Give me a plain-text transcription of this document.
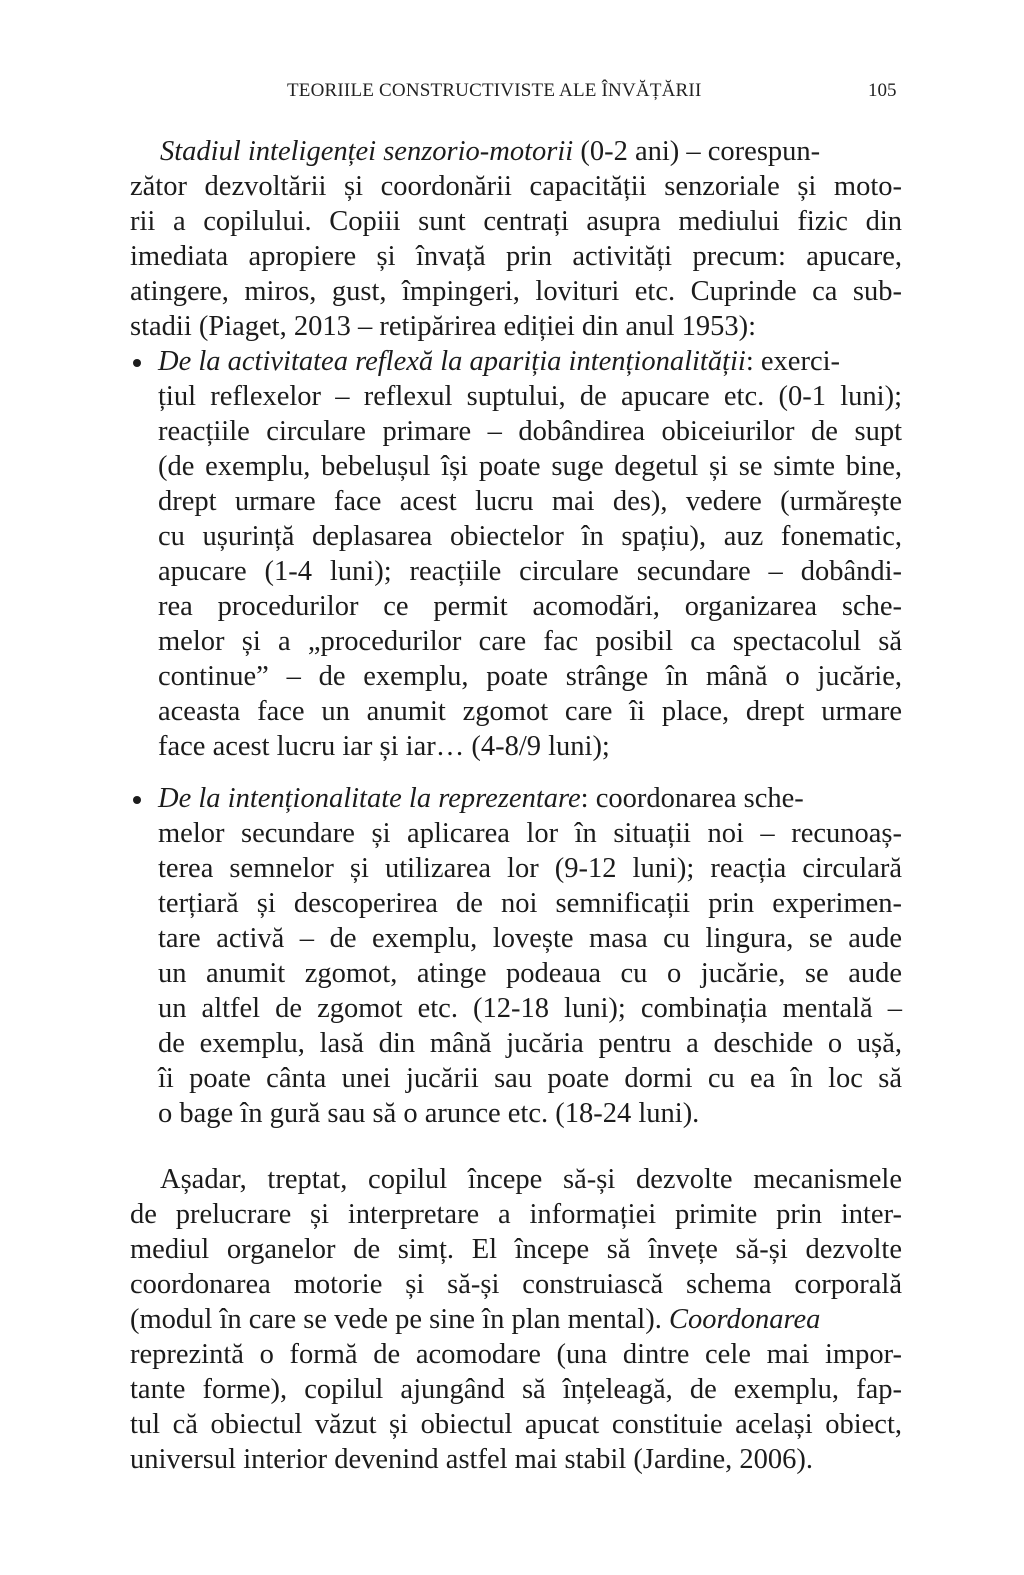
TEORIILE CONSTRUCTIVISTE ALE ÎNVĂȚĂRII	105
Stadiul inteligenței senzorio-motorii (0-2 ani) – corespun-
zător dezvoltării și coordonării capacității senzoriale și moto-
rii a copilului. Copiii sunt centrați asupra mediului fizic din
imediata apropiere și învață prin activități precum: apucare,
atingere, miros, gust, împingeri, lovituri etc. Cuprinde ca sub-
stadii (Piaget, 2013 – retipărirea ediției din anul 1953):
De la activitatea reflexă la apariția intenționalității: exerci-
țiul reflexelor – reflexul suptului, de apucare etc. (0-1 luni);
reacțiile circulare primare – dobândirea obiceiurilor de supt
(de exemplu, bebelușul își poate suge degetul și se simte bine,
drept urmare face acest lucru mai des), vedere (urmărește
cu ușurință deplasarea obiectelor în spațiu), auz fonematic,
apucare (1-4 luni); reacțiile circulare secundare – dobândi-
rea procedurilor ce permit acomodări, organizarea sche-
melor și a „procedurilor care fac posibil ca spectacolul să
continue” – de exemplu, poate strânge în mână o jucărie,
aceasta face un anumit zgomot care îi place, drept urmare
face acest lucru iar și iar… (4-8/9 luni);
De la intenționalitate la reprezentare: coordonarea sche-
melor secundare și aplicarea lor în situații noi – recunoaș-
terea semnelor și utilizarea lor (9-12 luni); reacția circulară
terțiară și descoperirea de noi semnificații prin experimen-
tare activă – de exemplu, lovește masa cu lingura, se aude
un anumit zgomot, atinge podeaua cu o jucărie, se aude
un altfel de zgomot etc. (12-18 luni); combinația mentală –
de exemplu, lasă din mână jucăria pentru a deschide o ușă,
îi poate cânta unei jucării sau poate dormi cu ea în loc să
o bage în gură sau să o arunce etc. (18-24 luni).
Așadar, treptat, copilul începe să-și dezvolte mecanismele
de prelucrare și interpretare a informației primite prin inter-
mediul organelor de simț. El începe să învețe să-și dezvolte
coordonarea motorie și să-și construiască schema corporală
(modul în care se vede pe sine în plan mental). Coordonarea
reprezintă o formă de acomodare (una dintre cele mai impor-
tante forme), copilul ajungând să înțeleagă, de exemplu, fap-
tul că obiectul văzut și obiectul apucat constituie același obiect,
universul interior devenind astfel mai stabil (Jardine, 2006).
